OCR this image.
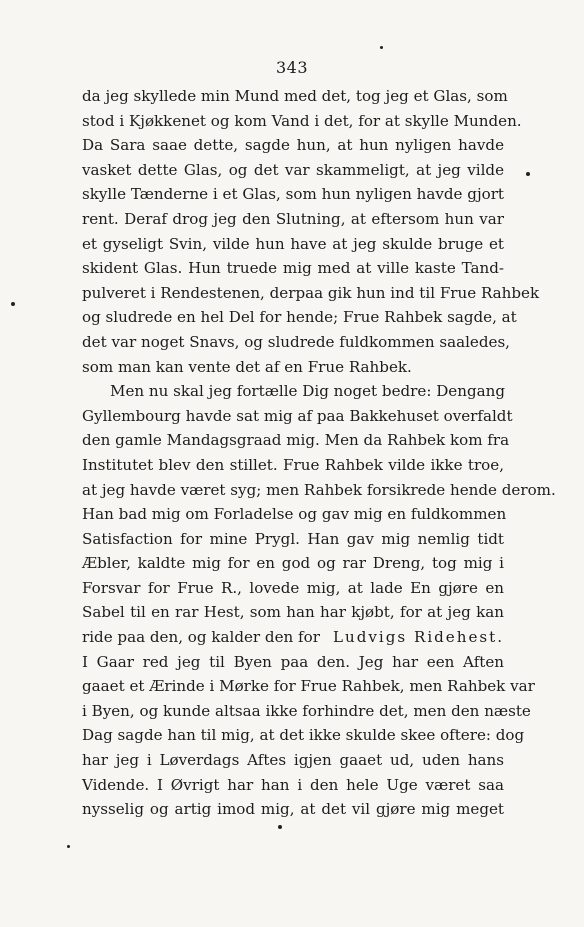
343
da jeg skyllede min Mund med det, tog jeg et Glas, som
stod i Kjøkkenet og kom Vand i det, for at skylle Munden.
Da Sara saae dette, sagde hun, at hun nyligen havde
vasket dette Glas, og det var skammeligt, at jeg vilde
skylle Tænderne i et Glas, som hun nyligen havde gjort
rent. Deraf drog jeg den Slutning, at eftersom hun var
et gyseligt Svin, vilde hun have at jeg skulde bruge et
skident Glas. Hun truede mig med at ville kaste Tand-
pulveret i Rendestenen, derpaa gik hun ind til Frue Rahbek
og sludrede en hel Del for hende; Frue Rahbek sagde, at
det var noget Snavs, og sludrede fuldkommen saaledes,
som man kan vente det af en Frue Rahbek.
Men nu skal jeg fortælle Dig noget bedre: Dengang
Gyllembourg havde sat mig af paa Bakkehuset overfaldt
den gamle Mandagsgraad mig. Men da Rahbek kom fra
Institutet blev den stillet. Frue Rahbek vilde ikke troe,
at jeg havde været syg; men Rahbek forsikrede hende derom.
Han bad mig om Forladelse og gav mig en fuldkommen
Satisfaction for mine Prygl. Han gav mig nemlig tidt
Æbler, kaldte mig for en god og rar Dreng, tog mig i
Forsvar for Frue R., lovede mig, at lade En gjøre en
Sabel til en rar Hest, som han har kjøbt, for at jeg kan
ride paa den, og kalder den for Ludvigs Ridehest.
I Gaar red jeg til Byen paa den. Jeg har een Aften
gaaet et Ærinde i Mørke for Frue Rahbek, men Rahbek var
i Byen, og kunde altsaa ikke forhindre det, men den næste
Dag sagde han til mig, at det ikke skulde skee oftere: dog
har jeg i Løverdags Aftes igjen gaaet ud, uden hans
Vidende. I Øvrigt har han i den hele Uge været saa
nysselig og artig imod mig, at det vil gjøre mig meget
